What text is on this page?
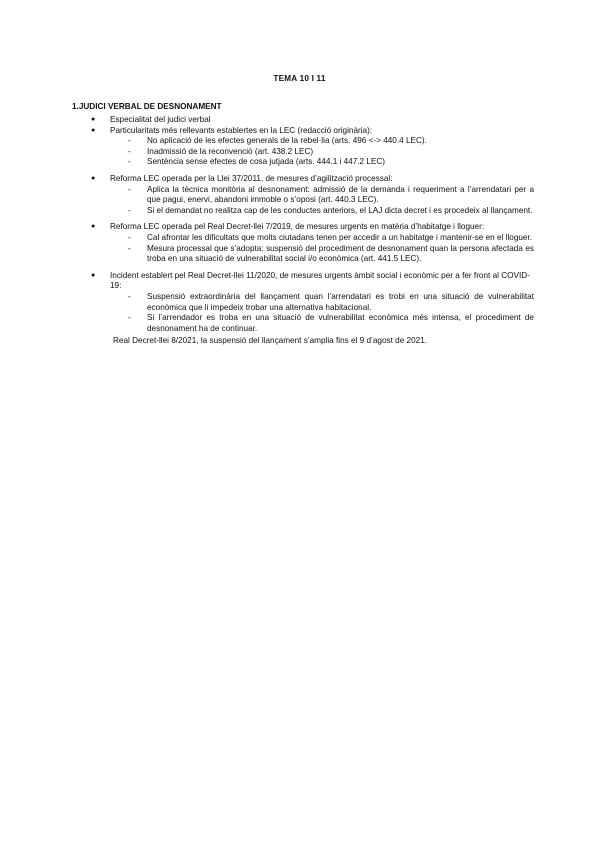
TEMA 10 I 11
1.JUDICI VERBAL DE DESNONAMENT
● Especialitat del judici verbal
● Particularitats més rellevants establertes en la LEC (redacció originària):
- No aplicació de les efectes generals de la rebel·lia (arts. 496 <-> 440.4 LEC).
- Inadmissió de la reconvenció (art. 438.2 LEC)
- Sentència sense efectes de cosa jutjada (arts. 444.1 i 447.2 LEC)
● Reforma LEC operada per la Llei 37/2011, de mesures d’agilització processal:
- Aplica la tècnica monitòria al desnonament: admissió de la demanda i requeriment a l’arrendatari per a que pagui, enervi, abandoni immoble o s’oposi (art. 440.3 LEC).
- Si el demandat no realitza cap de les conductes anteriors, el LAJ dicta decret i es procedeix al llançament.
● Reforma LEC operada pel Real Decret-llei 7/2019, de mesures urgents en matèria d’habitatge i lloguer:
- Cal afrontar les dificultats que molts ciutadans tenen per accedir a un habitatge i mantenir-se en el lloguer.
- Mesura processal que s’adopta: suspensió del procediment de desnonament quan la persona afectada es troba en una situació de vulnerabilitat social i/o econòmica (art. 441.5 LEC).
● Incident establert pel Real Decret-llei 11/2020, de mesures urgents àmbit social i econòmic per a fer front al COVID-19:
- Suspensió extraordinària del llançament quan l’arrendatari es trobi en una situació de vulnerabilitat econòmica que li impedeix trobar una alternativa habitacional.
- Si l’arrendador es troba en una situació de vulnerabilitat econòmica més intensa, el procediment de desnonament ha de continuar.
Real Decret-llei 8/2021, la suspensió del llançament s’amplia fins el 9 d’agost de 2021.
